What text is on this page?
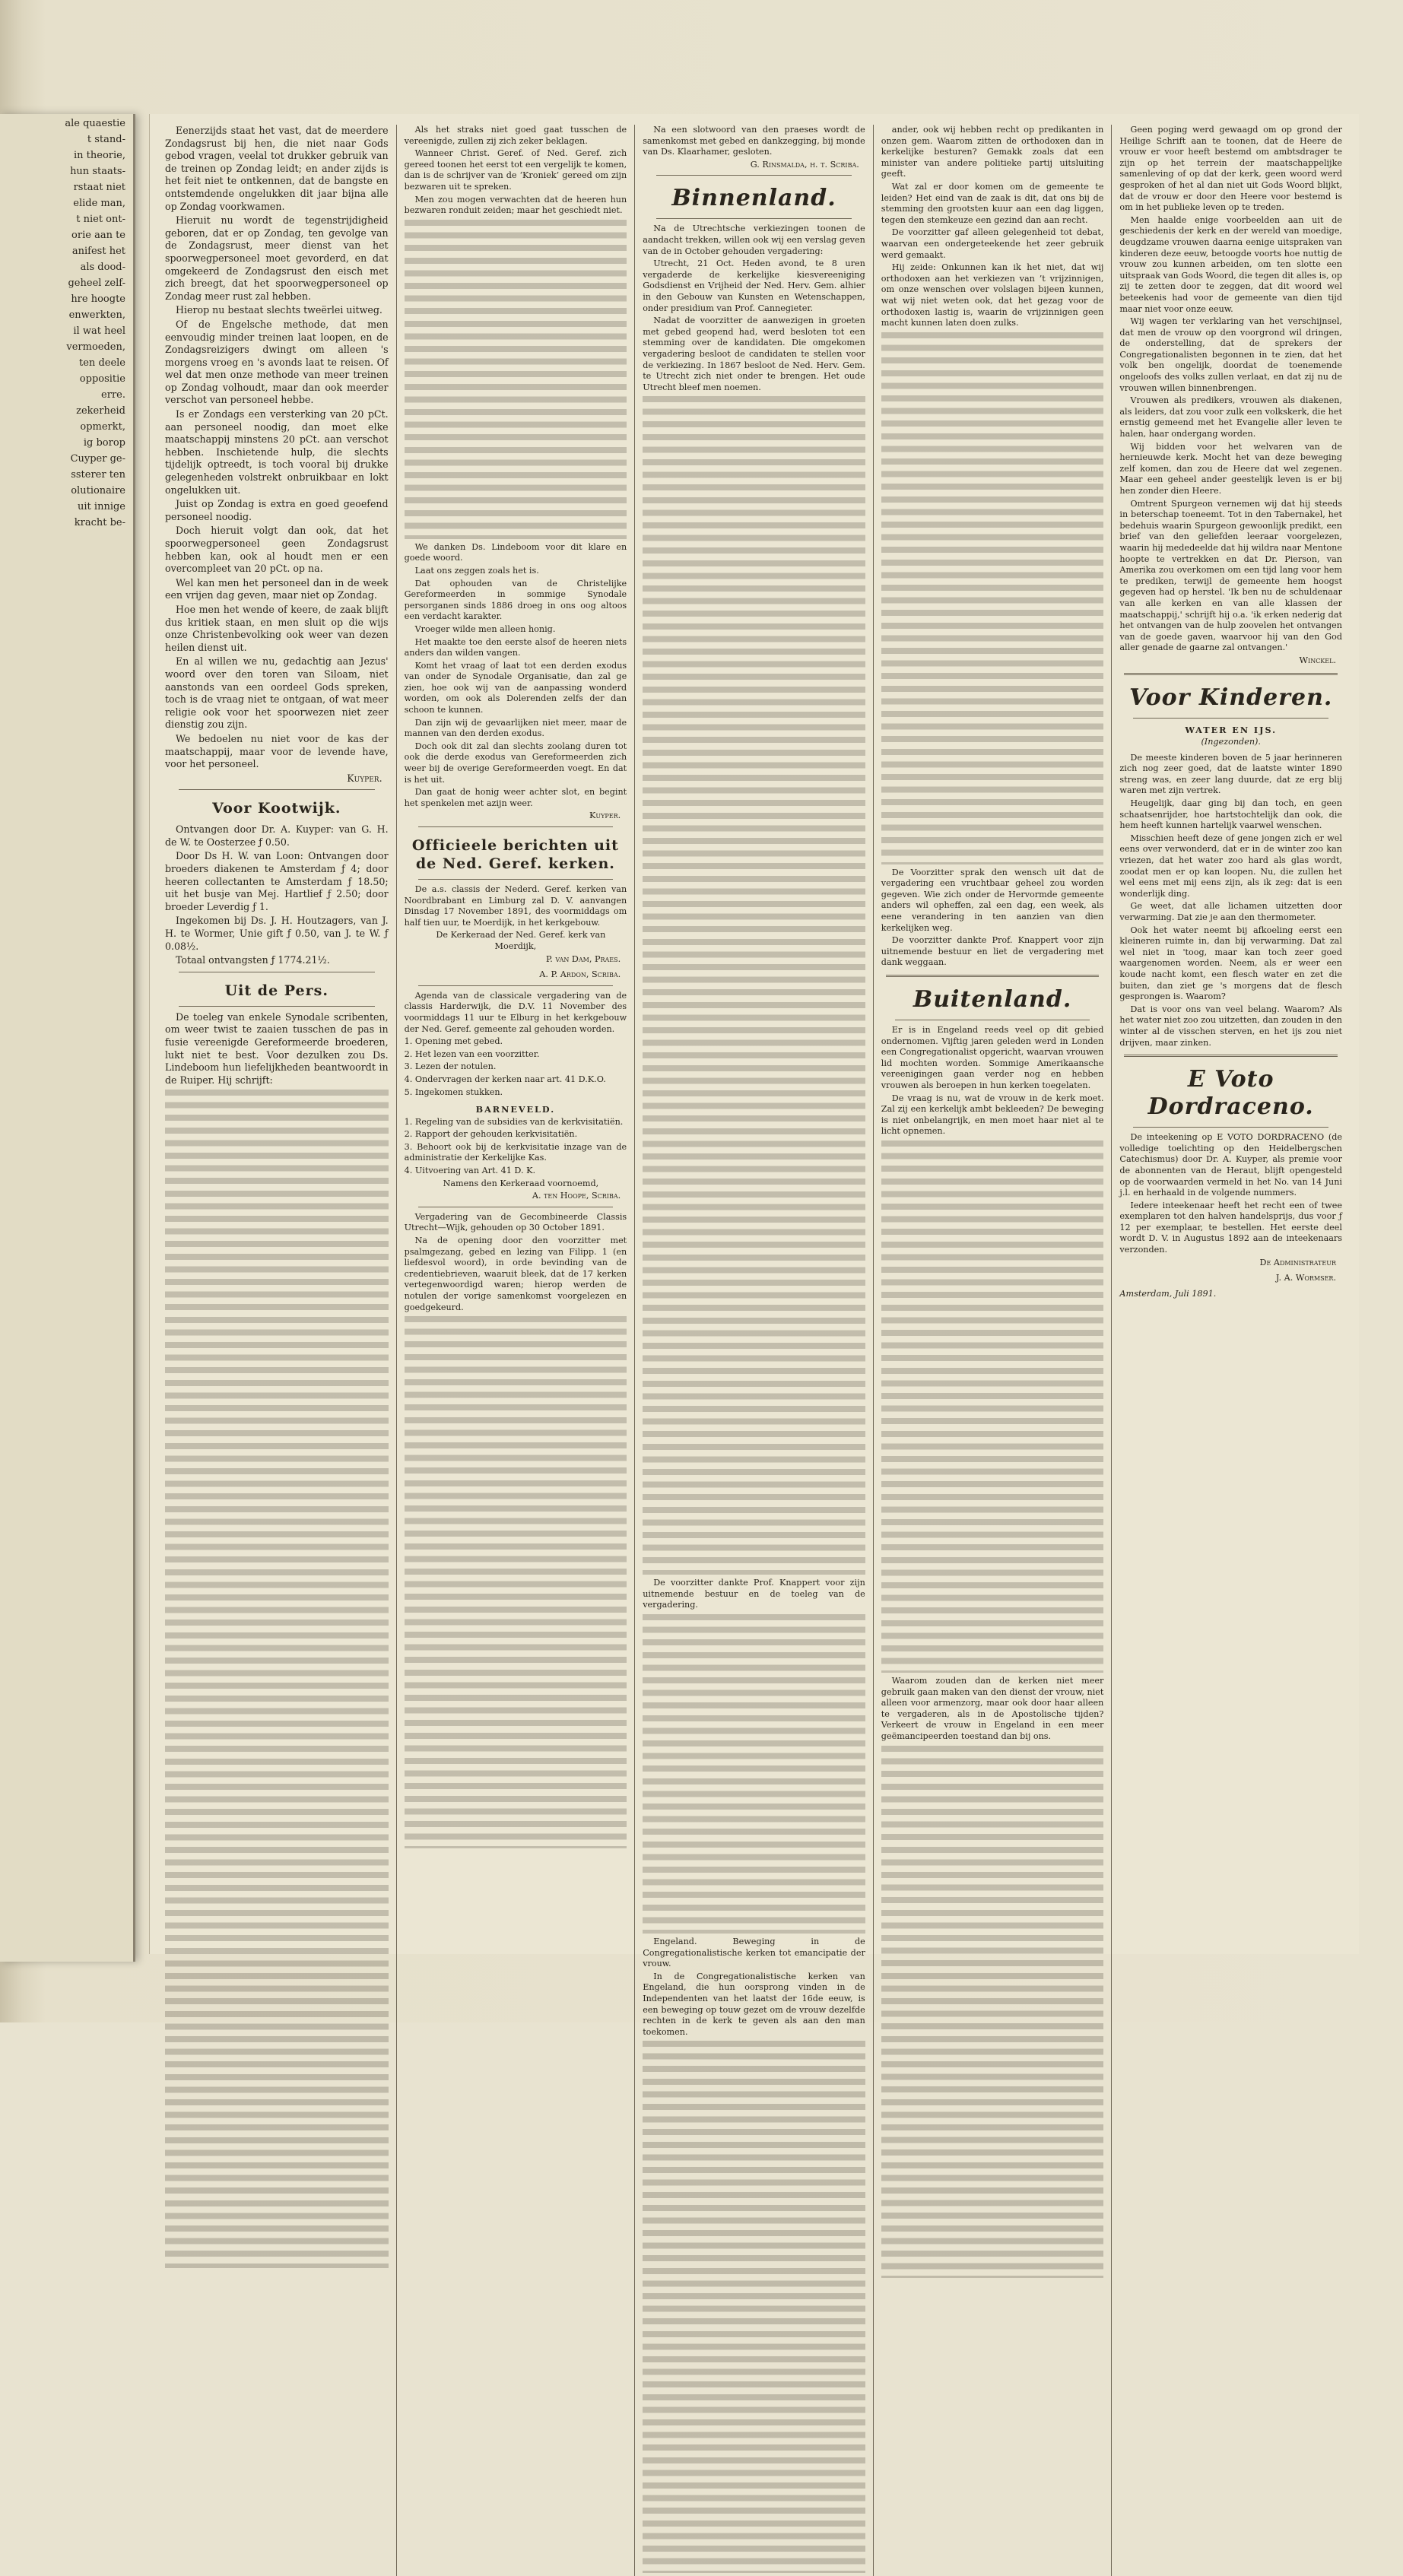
ale quaestie
t stand-
in theorie,
hun staats-
rstaat niet
elide man,
t niet ont-
orie aan te
anifest het
als dood-
geheel zelf-
hre hoogte
enwerkten,
il wat heel
vermoeden,
ten deele
oppositie
erre.
zekerheid
opmerkt,
ig borop
Cuyper ge-
ssterer ten
olutionaire
uit innige
kracht be-

Eenerzijds staat het vast, dat de meerdere Zondagsrust bij hen, die niet naar Gods gebod vragen, veelal tot drukker gebruik van de treinen op Zondag leidt; en ander zijds is het feit niet te ontkennen, dat de bangste en ontstemdende ongelukken dit jaar bijna alle op Zondag voorkwamen.

Hieruit nu wordt de tegenstrijdigheid geboren, dat er op Zondag, ten gevolge van de Zondagsrust, meer dienst van het spoorwegpersoneel moet gevorderd, en dat omgekeerd de Zondagsrust den eisch met zich breegt, dat het spoorwegpersoneel op Zondag meer rust zal hebben.

Hierop nu bestaat slechts tweërlei uitweg.

Of de Engelsche methode, dat men eenvoudig minder treinen laat loopen, en de Zondagsreizigers dwingt om alleen 's morgens vroeg en 's avonds laat te reisen. Of wel dat men onze methode van meer treinen op Zondag volhoudt, maar dan ook meerder verschot van personeel hebbe.

Is er Zondags een versterking van 20 pCt. aan personeel noodig, dan moet elke maatschappij minstens 20 pCt. aan verschot hebben. Inschietende hulp, die slechts tijdelijk optreedt, is toch vooral bij drukke gelegenheden volstrekt onbruikbaar en lokt ongelukken uit.

Juist op Zondag is extra en goed geoefend personeel noodig.

Doch hieruit volgt dan ook, dat het spoorwegpersoneel geen Zondagsrust hebben kan, ook al houdt men er een overcompleet van 20 pCt. op na.

Wel kan men het personeel dan in de week een vrijen dag geven, maar niet op Zondag.

Hoe men het wende of keere, de zaak blijft dus kritiek staan, en men sluit op die wijs onze Christenbevolking ook weer van dezen heilen dienst uit.

En al willen we nu, gedachtig aan Jezus' woord over den toren van Siloam, niet aanstonds van een oordeel Gods spreken, toch is de vraag niet te ontgaan, of wat meer religie ook voor het spoorwezen niet zeer dienstig zou zijn.

We bedoelen nu niet voor de kas der maatschappij, maar voor de levende have, voor het personeel.

Kuyper.
Voor Kootwijk.

Ontvangen door Dr. A. Kuyper: van G. H. de W. te Oosterzee ƒ 0.50.

Door Ds H. W. van Loon: Ontvangen door broeders diakenen te Amsterdam ƒ 4; door heeren collectanten te Amsterdam ƒ 18.50; uit het busje van Mej. Hartlief ƒ 2.50; door broeder Leverdig ƒ 1.

Ingekomen bij Ds. J. H. Houtzagers, van J. H. te Wormer, Unie gift ƒ 0.50, van J. te W. ƒ 0.08½.

Totaal ontvangsten ƒ 1774.21½.

Uit de Pers.

De toeleg van enkele Synodale scribenten, om weer twist te zaaien tusschen de pas in fusie vereenigde Gereformeerde broederen, lukt niet te best. Voor dezulken zou Ds. Lindeboom hun liefelijkheden beantwoordt in de Ruiper. Hij schrijft:

Als het straks niet goed gaat tusschen de vereenigde, zullen zij zich zeker beklagen.

Wanneer Christ. Geref. of Ned. Geref. zich gereed toonen het eerst tot een vergelijk te komen, dan is de schrijver van de ‘Kroniek’ gereed om zijn bezwaren uit te spreken.

Men zou mogen verwachten dat de heeren hun bezwaren ronduit zeiden; maar het geschiedt niet.

We danken Ds. Lindeboom voor dit klare en goede woord.

Laat ons zeggen zoals het is.

Dat ophouden van de Christelijke Gereformeerden in sommige Synodale persorganen sinds 1886 droeg in ons oog altoos een verdacht karakter.

Vroeger wilde men alleen honig.

Het maakte toe den eerste alsof de heeren niets anders dan wilden vangen.

Komt het vraag of laat tot een derden exodus van onder de Synodale Organisatie, dan zal ge zien, hoe ook wij van de aanpassing wonderd worden, om ook als Dolerenden zelfs der dan schoon te kunnen.

Dan zijn wij de gevaarlijken niet meer, maar de mannen van den derden exodus.

Doch ook dit zal dan slechts zoolang duren tot ook die derde exodus van Gereformeerden zich weer bij de overige Gereformeerden voegt. En dat is het uit.

Dan gaat de honig weer achter slot, en begint het spenkelen met azijn weer.

Kuyper.
Officieele berichten uit de Ned. Geref. kerken.

De a.s. classis der Nederd. Geref. kerken van Noordbrabant en Limburg zal D. V. aanvangen Dinsdag 17 November 1891, des voormiddags om half tien uur, te Moerdijk, in het kerkgebouw.

De Kerkeraad der Ned. Geref. kerk van Moerdijk,

P. van Dam, Praes.
A. P. Ardon, Scriba.

Agenda van de classicale vergadering van de classis Harderwijk, die D.V. 11 November des voormiddags 11 uur te Elburg in het kerkgebouw der Ned. Geref. gemeente zal gehouden worden.

1. Opening met gebed.

2. Het lezen van een voorzitter.

3. Lezen der notulen.

4. Ondervragen der kerken naar art. 41 D.K.O.

5. Ingekomen stukken.

BARNEVELD.

1. Regeling van de subsidies van de kerkvisitatiën.

2. Rapport der gehouden kerkvisitatiën.

3. Behoort ook bij de kerkvisitatie inzage van de administratie der Kerkelijke Kas.

4. Uitvoering van Art. 41 D. K.

Namens den Kerkeraad voornoemd,

A. ten Hoope, Scriba.

Vergadering van de Gecombineerde Classis Utrecht—Wijk, gehouden op 30 October 1891.

Na de opening door den voorzitter met psalmgezang, gebed en lezing van Filipp. 1 (en liefdesvol woord), in orde bevinding van de credentiebrieven, waaruit bleek, dat de 17 kerken vertegenwoordigd waren; hierop werden de notulen der vorige samenkomst voorgelezen en goedgekeurd.

Na een slotwoord van den praeses wordt de samenkomst met gebed en dankzegging, bij monde van Ds. Klaarhamer, gesloten.

G. Rinsmalda, h. t. Scriba.
Binnenland.

Na de Utrechtsche verkiezingen toonen de aandacht trekken, willen ook wij een verslag geven van de in October gehouden vergadering:

Utrecht, 21 Oct. Heden avond, te 8 uren vergaderde de kerkelijke kiesvereeniging Godsdienst en Vrijheid der Ned. Herv. Gem. alhier in den Gebouw van Kunsten en Wetenschappen, onder presidium van Prof. Cannegieter.

Nadat de voorzitter de aanwezigen in groeten met gebed geopend had, werd besloten tot een stemming over de kandidaten. Die omgekomen vergadering besloot de candidaten te stellen voor de verkiezing. In 1867 besloot de Ned. Herv. Gem. te Utrecht zich niet onder te brengen. Het oude Utrecht bleef men noemen.

De voorzitter dankte Prof. Knappert voor zijn uitnemende bestuur en de toeleg van de vergadering.

Engeland. Beweging in de Congregationalistische kerken tot emancipatie der vrouw.

In de Congregationalistische kerken van Engeland, die hun oorsprong vinden in de Independenten van het laatst der 16de eeuw, is een beweging op touw gezet om de vrouw dezelfde rechten in de kerk te geven als aan den man toekomen.

ander, ook wij hebben recht op predikanten in onzen gem. Waarom zitten de orthodoxen dan in kerkelijke besturen? Gemakk zoals dat een minister van andere politieke partij uitsluiting geeft.

Wat zal er door komen om de gemeente te leiden? Het eind van de zaak is dit, dat ons bij de stemming den grootsten kuur aan een dag liggen, tegen den stemkeuze een gezind dan aan recht.

De voorzitter gaf alleen gelegenheid tot debat, waarvan een ondergeteekende het zeer gebruik werd gemaakt.

Hij zeide: Onkunnen kan ik het niet, dat wij orthodoxen aan het verkiezen van ’t vrijzinnigen, om onze wenschen over volslagen bijeen kunnen, wat wij niet weten ook, dat het gezag voor de orthodoxen lastig is, waarin de vrijzinnigen geen macht kunnen laten doen zulks.

De Voorzitter sprak den wensch uit dat de vergadering een vruchtbaar geheel zou worden gegeven. Wie zich onder de Hervormde gemeente anders wil opheffen, zal een dag, een week, als eene verandering in ten aanzien van dien kerkelijken weg.

De voorzitter dankte Prof. Knappert voor zijn uitnemende bestuur en liet de vergadering met dank weggaan.

Buitenland.

Er is in Engeland reeds veel op dit gebied ondernomen. Vijftig jaren geleden werd in Londen een Congregationalist opgericht, waarvan vrouwen lid mochten worden. Sommige Amerikaansche vereenigingen gaan verder nog en hebben vrouwen als beroepen in hun kerken toegelaten.

De vraag is nu, wat de vrouw in de kerk moet. Zal zij een kerkelijk ambt bekleeden? De beweging is niet onbelangrijk, en men moet haar niet al te licht opnemen.

Waarom zouden dan de kerken niet meer gebruik gaan maken van den dienst der vrouw, niet alleen voor armenzorg, maar ook door haar alleen te vergaderen, als in de Apostolische tijden? Verkeert de vrouw in Engeland in een meer geëmancipeerden toestand dan bij ons.

Geen poging werd gewaagd om op grond der Heilige Schrift aan te toonen, dat de Heere de vrouw er voor heeft bestemd om ambtsdrager te zijn op het terrein der maatschappelijke samenleving of op dat der kerk, geen woord werd gesproken of het al dan niet uit Gods Woord blijkt, dat de vrouw er door den Heere voor bestemd is om in het publieke leven op te treden.

Men haalde enige voorbeelden aan uit de geschiedenis der kerk en der wereld van moedige, deugdzame vrouwen daarna eenige uitspraken van kinderen deze eeuw, betoogde voorts hoe nuttig de vrouw zou kunnen arbeiden, om ten slotte een uitspraak van Gods Woord, die tegen dit alles is, op zij te zetten door te zeggen, dat dit woord wel beteekenis had voor de gemeente van dien tijd maar niet voor onze eeuw.

Wij wagen ter verklaring van het verschijnsel, dat men de vrouw op den voorgrond wil dringen, de onderstelling, dat de sprekers der Congregationalisten begonnen in te zien, dat het volk ben ongelijk, doordat de toenemende ongeloofs des volks zullen verlaat, en dat zij nu de vrouwen willen binnenbrengen.

Vrouwen als predikers, vrouwen als diakenen, als leiders, dat zou voor zulk een volkskerk, die het ernstig gemeend met het Evangelie aller leven te halen, haar ondergang worden.

Wij bidden voor het welvaren van de hernieuwde kerk. Mocht het van deze beweging zelf komen, dan zou de Heere dat wel zegenen. Maar een geheel ander geestelijk leven is er bij hen zonder dien Heere.

Omtrent Spurgeon vernemen wij dat hij steeds in beterschap toeneemt. Tot in den Tabernakel, het bedehuis waarin Spurgeon gewoonlijk predikt, een brief van den geliefden leeraar voorgelezen, waarin hij mededeelde dat hij wildra naar Mentone hoopte te vertrekken en dat Dr. Pierson, van Amerika zou overkomen om een tijd lang voor hem te prediken, terwijl de gemeente hem hoogst gegeven had op herstel. 'Ik ben nu de schuldenaar van alle kerken en van alle klassen der maatschappij,' schrijft hij o.a. 'ik erken nederig dat het ontvangen van de hulp zoovelen het ontvangen van de goede gaven, waarvoor hij van den God aller genade de gaarne zal ontvangen.'

Winckel.
Voor Kinderen.
WATER EN IJS.
(Ingezonden).

De meeste kinderen boven de 5 jaar herinneren zich nog zeer goed, dat de laatste winter 1890 streng was, en zeer lang duurde, dat ze erg blij waren met zijn vertrek.

Heugelijk, daar ging bij dan toch, en geen schaatsenrijder, hoe hartstochtelijk dan ook, die hem heeft kunnen hartelijk vaarwel wenschen.

Misschien heeft deze of gene jongen zich er wel eens over verwonderd, dat er in de winter zoo kan vriezen, dat het water zoo hard als glas wordt, zoodat men er op kan loopen. Nu, die zullen het wel eens met mij eens zijn, als ik zeg: dat is een wonderlijk ding.

Ge weet, dat alle lichamen uitzetten door verwarming. Dat zie je aan den thermometer.

Ook het water neemt bij afkoeling eerst een kleineren ruimte in, dan bij verwarming. Dat zal wel niet in 'toog, maar kan toch zeer goed waargenomen worden. Neem, als er weer een koude nacht komt, een flesch water en zet die buiten, dan ziet ge 's morgens dat de flesch gesprongen is. Waarom?

Dat is voor ons van veel belang. Waarom? Als het water niet zoo zou uitzetten, dan zouden in den winter al de visschen sterven, en het ijs zou niet drijven, maar zinken.

E Voto Dordraceno.

De inteekening op E VOTO DORDRACENO (de volledige toelichting op den Heidelbergschen Catechismus) door Dr. A. Kuyper, als premie voor de abonnenten van de Heraut, blijft opengesteld op de voorwaarden vermeld in het No. van 14 Juni j.l. en herhaald in de volgende nummers.

Iedere inteekenaar heeft het recht een of twee exemplaren tot den halven handelsprijs, dus voor ƒ 12 per exemplaar, te bestellen. Het eerste deel wordt D. V. in Augustus 1892 aan de inteekenaars verzonden.

De Administrateur
J. A. Wormser.

Amsterdam, Juli 1891.
